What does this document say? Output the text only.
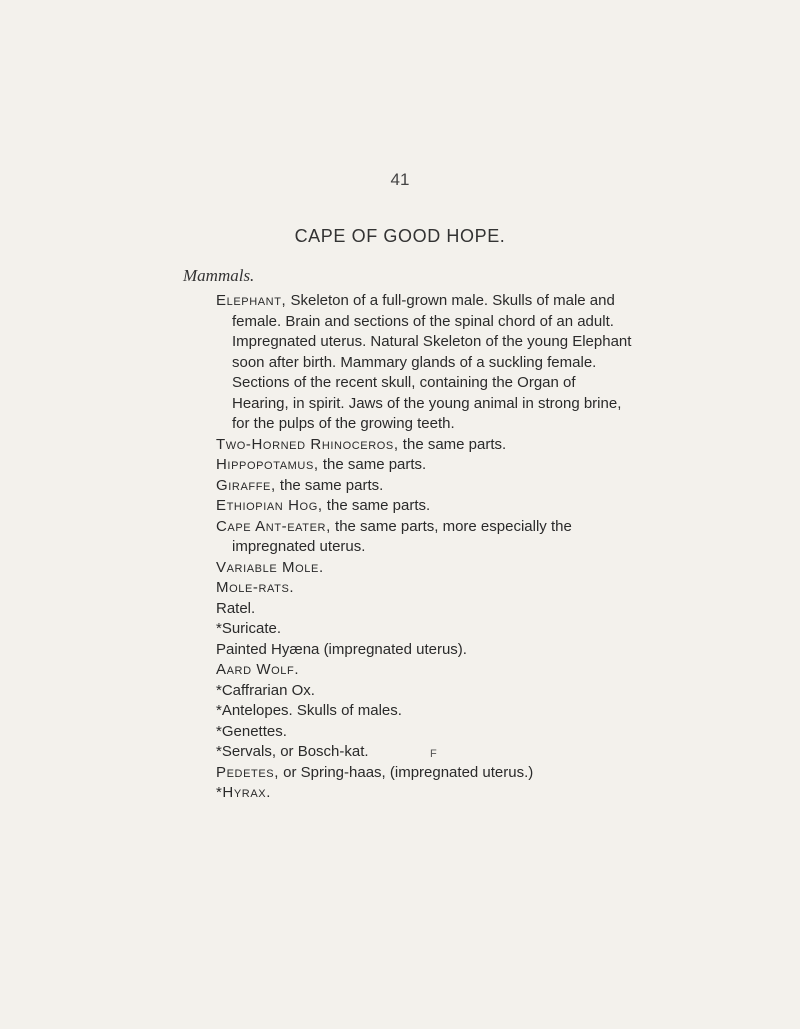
41
CAPE OF GOOD HOPE.
Mammals.
Elephant, Skeleton of a full-grown male. Skulls of male and female. Brain and sections of the spinal chord of an adult. Impregnated uterus. Natural Skeleton of the young Elephant soon after birth. Mammary glands of a suckling female. Sections of the recent skull, containing the Organ of Hearing, in spirit. Jaws of the young animal in strong brine, for the pulps of the growing teeth.
Two-Horned Rhinoceros, the same parts.
Hippopotamus, the same parts.
Giraffe, the same parts.
Ethiopian Hog, the same parts.
Cape Ant-eater, the same parts, more especially the impregnated uterus.
Variable Mole.
Mole-rats.
Ratel.
*Suricate.
Painted Hyæna (impregnated uterus).
Aard Wolf.
*Caffrarian Ox.
*Antelopes. Skulls of males.
*Genettes.
*Servals, or Bosch-kat.
Pedetes, or Spring-haas, (impregnated uterus.)
*Hyrax.
F
